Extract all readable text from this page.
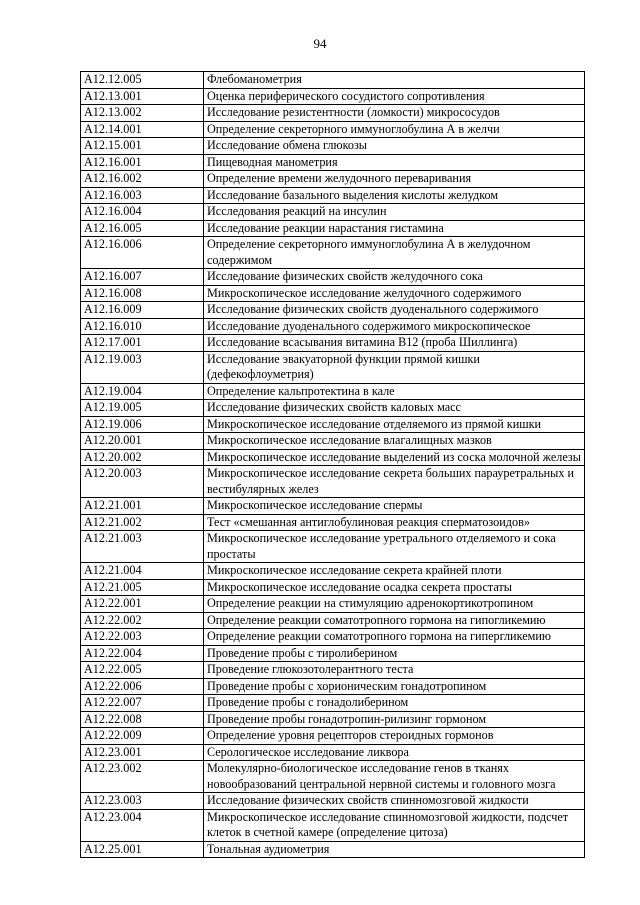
94
A12.12.005	Флебоманометрия
A12.13.001	Оценка периферического сосудистого сопротивления
A12.13.002	Исследование резистентности (ломкости) микрососудов
A12.14.001	Определение секреторного иммуноглобулина А в желчи
A12.15.001	Исследование обмена глюкозы
A12.16.001	Пищеводная манометрия
A12.16.002	Определение времени желудочного переваривания
A12.16.003	Исследование базального выделения кислоты желудком
A12.16.004	Исследования реакций на инсулин
A12.16.005	Исследование реакции нарастания гистамина
A12.16.006	Определение секреторного иммуноглобулина А в желудочном содержимом
A12.16.007	Исследование физических свойств желудочного сока
A12.16.008	Микроскопическое исследование желудочного содержимого
A12.16.009	Исследование физических свойств дуоденального содержимого
A12.16.010	Исследование дуоденального содержимого микроскопическое
A12.17.001	Исследование всасывания витамина В12 (проба Шиллинга)
A12.19.003	Исследование эвакуаторной функции прямой кишки (дефекофлоуметрия)
A12.19.004	Определение кальпротектина в кале
A12.19.005	Исследование физических свойств каловых масс
A12.19.006	Микроскопическое исследование отделяемого из прямой кишки
A12.20.001	Микроскопическое исследование влагалищных мазков
A12.20.002	Микроскопическое исследование выделений из соска молочной железы
A12.20.003	Микроскопическое исследование секрета больших парауретральных и вестибулярных желез
A12.21.001	Микроскопическое исследование спермы
A12.21.002	Тест «смешанная антиглобулиновая реакция сперматозоидов»
A12.21.003	Микроскопическое исследование уретрального отделяемого и сока простаты
A12.21.004	Микроскопическое исследование секрета крайней плоти
A12.21.005	Микроскопическое исследование осадка секрета простаты
A12.22.001	Определение реакции на стимуляцию адренокортикотропином
A12.22.002	Определение реакции соматотропного гормона на гипогликемию
A12.22.003	Определение реакции соматотропного гормона на гипергликемию
A12.22.004	Проведение пробы с тиролиберином
A12.22.005	Проведение глюкозотолерантного теста
A12.22.006	Проведение пробы с хорионическим гонадотропином
A12.22.007	Проведение пробы с гонадолиберином
A12.22.008	Проведение пробы гонадотропин-рилизинг гормоном
A12.22.009	Определение уровня рецепторов стероидных гормонов
A12.23.001	Серологическое исследование ликвора
A12.23.002	Молекулярно-биологическое исследование генов в тканях новообразований центральной нервной системы и головного мозга
A12.23.003	Исследование физических свойств спинномозговой жидкости
A12.23.004	Микроскопическое исследование спинномозговой жидкости, подсчет клеток в счетной камере (определение цитоза)
A12.25.001	Тональная аудиометрия
